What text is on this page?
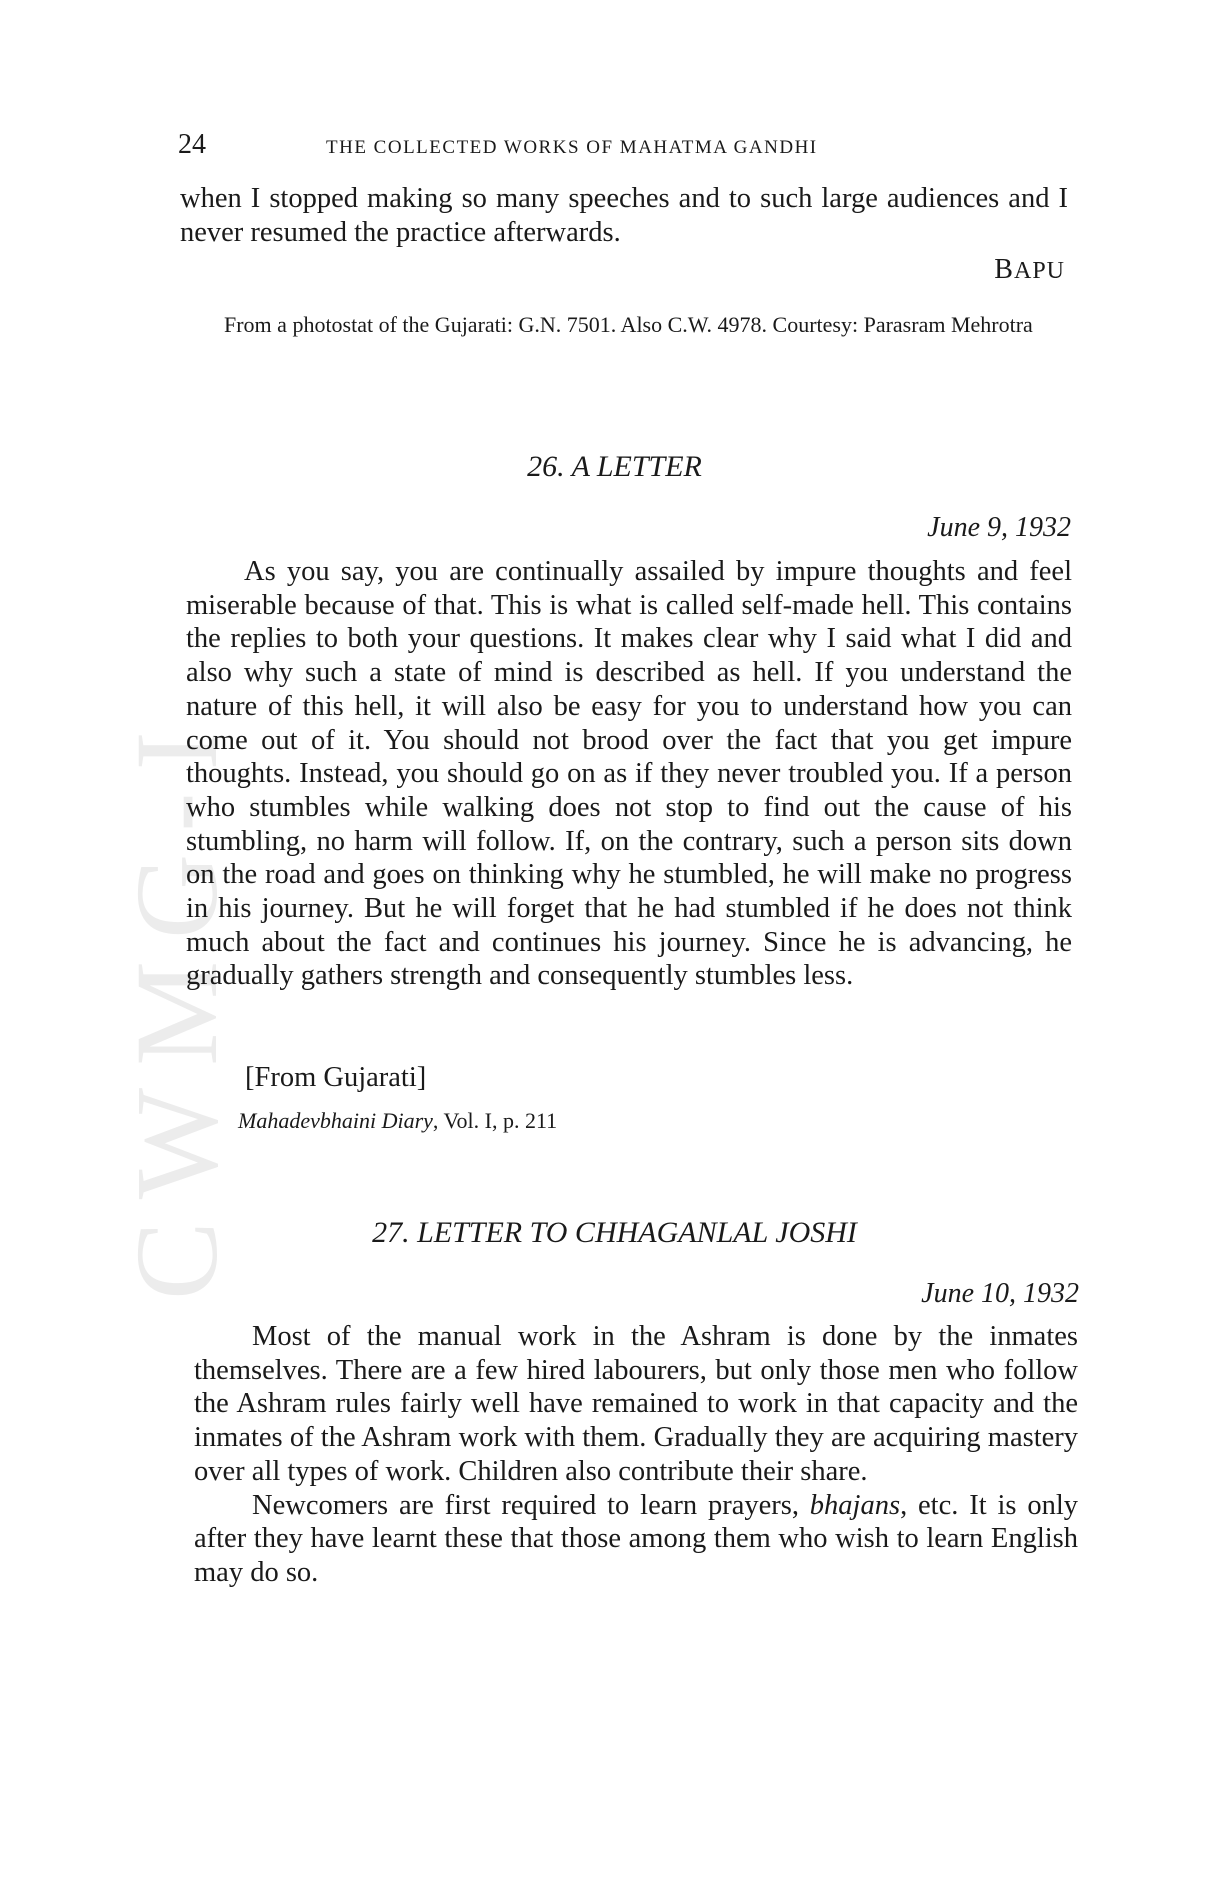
CWMG-I
24	THE COLLECTED WORKS OF MAHATMA GANDHI

when I stopped making so many speeches and to such large audiences and I never resumed the practice afterwards.

BAPU
From a photostat of the Gujarati: G.N. 7501. Also C.W. 4978. Courtesy: Parasram Mehrotra
26. A LETTER
June 9, 1932

As you say, you are continually assailed by impure thoughts and feel miserable because of that. This is what is called self-made hell. This contains the replies to both your questions. It makes clear why I said what I did and also why such a state of mind is described as hell. If you understand the nature of this hell, it will also be easy for you to understand how you can come out of it. You should not brood over the fact that you get impure thoughts. Instead, you should go on as if they never troubled you. If a person who stumbles while walking does not stop to find out the cause of his stumbling, no harm will follow. If, on the contrary, such a person sits down on the road and goes on thinking why he stumbled, he will make no progress in his journey. But he will forget that he had stumbled if he does not think much about the fact and continues his journey. Since he is advancing, he gradually gathers strength and consequently stumbles less.

[From Gujarati]
Mahadevbhaini Diary, Vol. I, p. 211
27. LETTER TO CHHAGANLAL JOSHI
June 10, 1932

Most of the manual work in the Ashram is done by the inmates themselves. There are a few hired labourers, but only those men who follow the Ashram rules fairly well have remained to work in that capacity and the inmates of the Ashram work with them. Gradually they are acquiring mastery over all types of work. Children also contribute their share.

Newcomers are first required to learn prayers, bhajans, etc. It is only after they have learnt these that those among them who wish to learn English may do so.
